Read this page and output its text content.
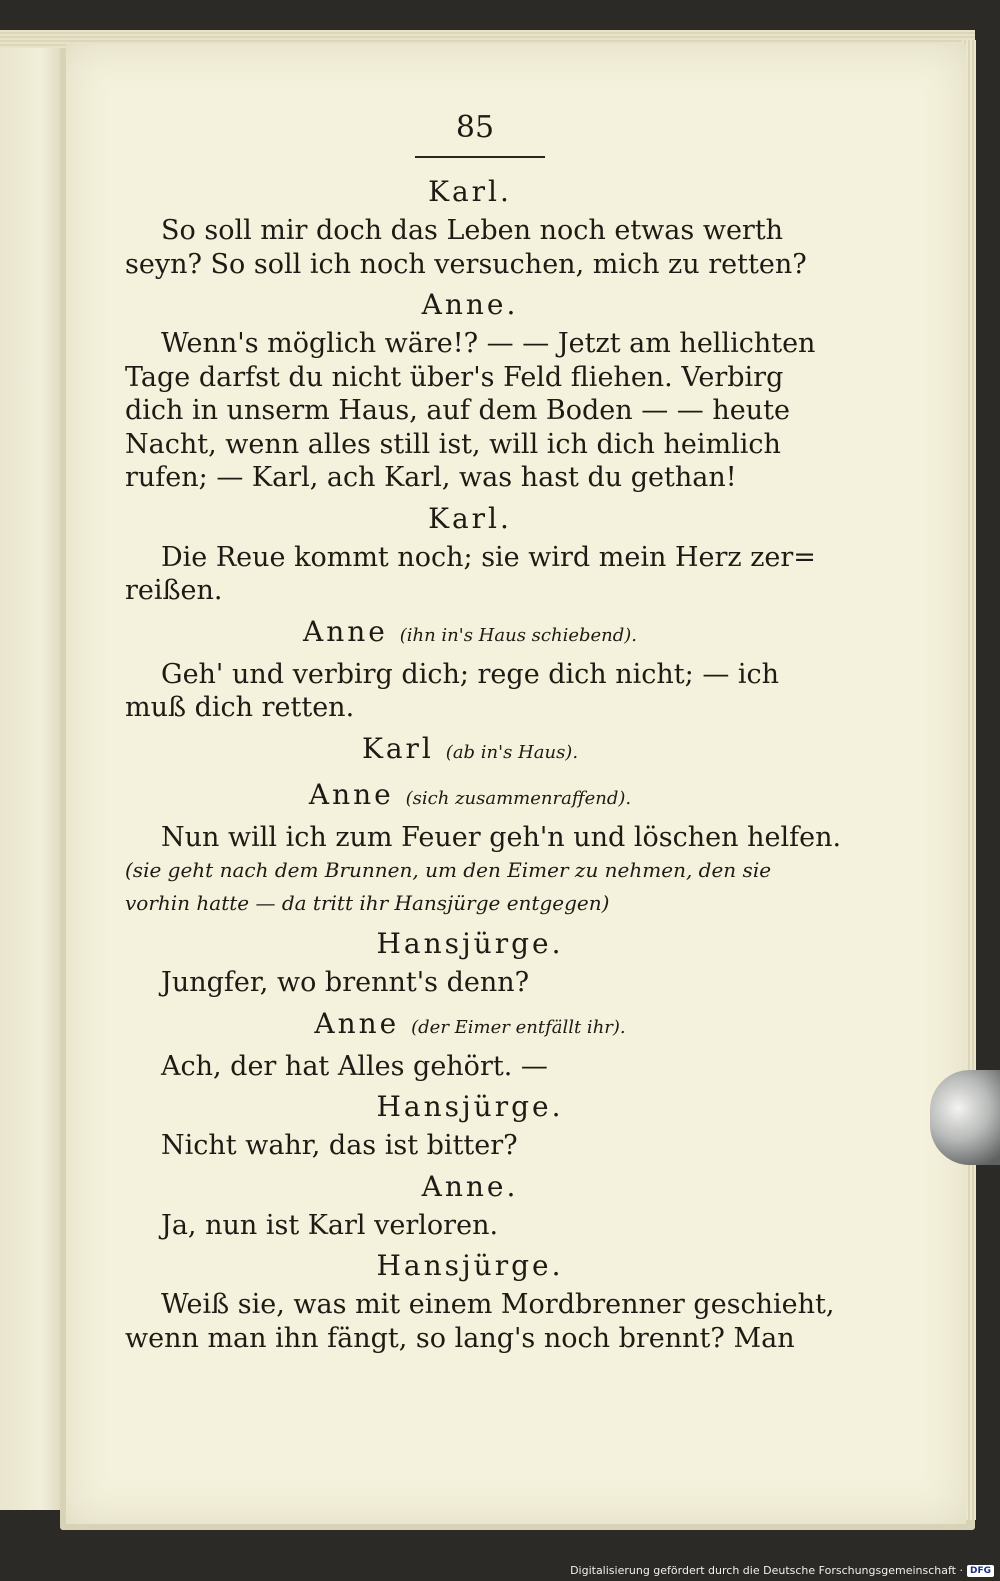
85
Karl.
So soll mir doch das Leben noch etwas werth
seyn? So soll ich noch versuchen, mich zu retten?
Anne.
Wenn's möglich wäre!? — — Jetzt am hellichten
Tage darfst du nicht über's Feld fliehen. Verbirg
dich in unserm Haus, auf dem Boden — — heute
Nacht, wenn alles still ist, will ich dich heimlich
rufen; — Karl, ach Karl, was hast du gethan!
Karl.
Die Reue kommt noch; sie wird mein Herz zer=
reißen.
Anne (ihn in's Haus schiebend).
Geh' und verbirg dich; rege dich nicht; — ich
muß dich retten.
Karl (ab in's Haus).
Anne (sich zusammenraffend).
Nun will ich zum Feuer geh'n und löschen helfen.
(sie geht nach dem Brunnen, um den Eimer zu nehmen, den sie
vorhin hatte — da tritt ihr Hansjürge entgegen)
Hansjürge.
Jungfer, wo brennt's denn?
Anne (der Eimer entfällt ihr).
Ach, der hat Alles gehört. —
Hansjürge.
Nicht wahr, das ist bitter?
Anne.
Ja, nun ist Karl verloren.
Hansjürge.
Weiß sie, was mit einem Mordbrenner geschieht,
wenn man ihn fängt, so lang's noch brennt? Man
Digitalisierung gefördert durch die Deutsche Forschungsgemeinschaft · DFG
